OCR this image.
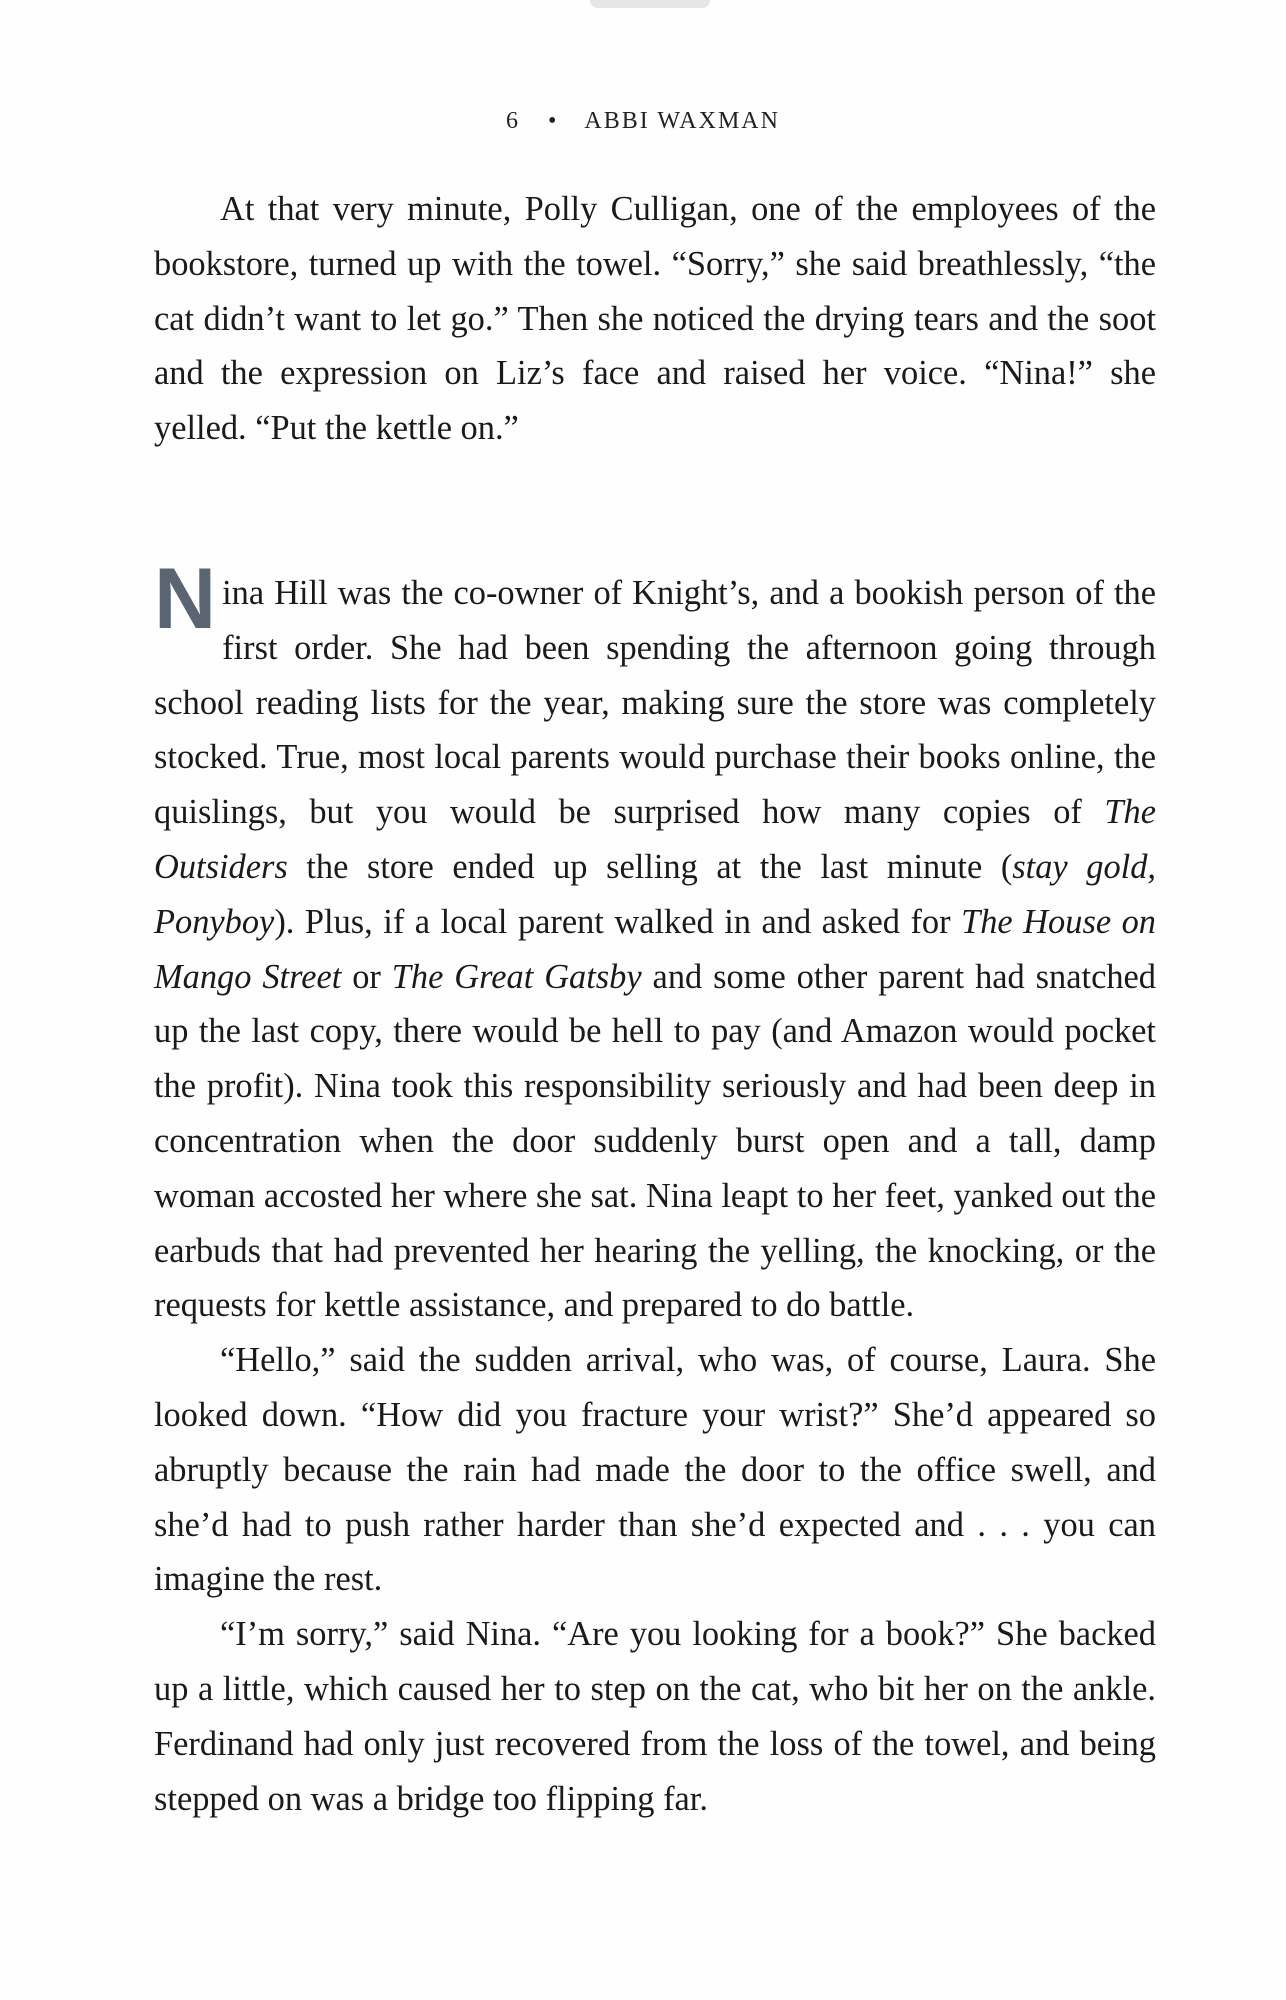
6 • ABBI WAXMAN

At that very minute, Polly Culligan, one of the employees of the bookstore, turned up with the towel. “Sorry,” she said breathlessly, “the cat didn’t want to let go.” Then she noticed the drying tears and the soot and the expression on Liz’s face and raised her voice. “Nina!” she yelled. “Put the kettle on.”

Nina Hill was the co-owner of Knight’s, and a bookish person of the first order. She had been spending the afternoon going through school reading lists for the year, making sure the store was completely stocked. True, most local parents would purchase their books online, the quislings, but you would be surprised how many copies of The Outsiders the store ended up selling at the last minute (stay gold, Ponyboy). Plus, if a local parent walked in and asked for The House on Mango Street or The Great Gatsby and some other parent had snatched up the last copy, there would be hell to pay (and Amazon would pocket the profit). Nina took this responsibility seriously and had been deep in concentration when the door suddenly burst open and a tall, damp woman accosted her where she sat. Nina leapt to her feet, yanked out the earbuds that had prevented her hearing the yelling, the knocking, or the requests for kettle assistance, and prepared to do battle.

“Hello,” said the sudden arrival, who was, of course, Laura. She looked down. “How did you fracture your wrist?” She’d appeared so abruptly because the rain had made the door to the office swell, and she’d had to push rather harder than she’d expected and . . . you can imagine the rest.

“I’m sorry,” said Nina. “Are you looking for a book?” She backed up a little, which caused her to step on the cat, who bit her on the ankle. Ferdinand had only just recovered from the loss of the towel, and being stepped on was a bridge too flipping far.
